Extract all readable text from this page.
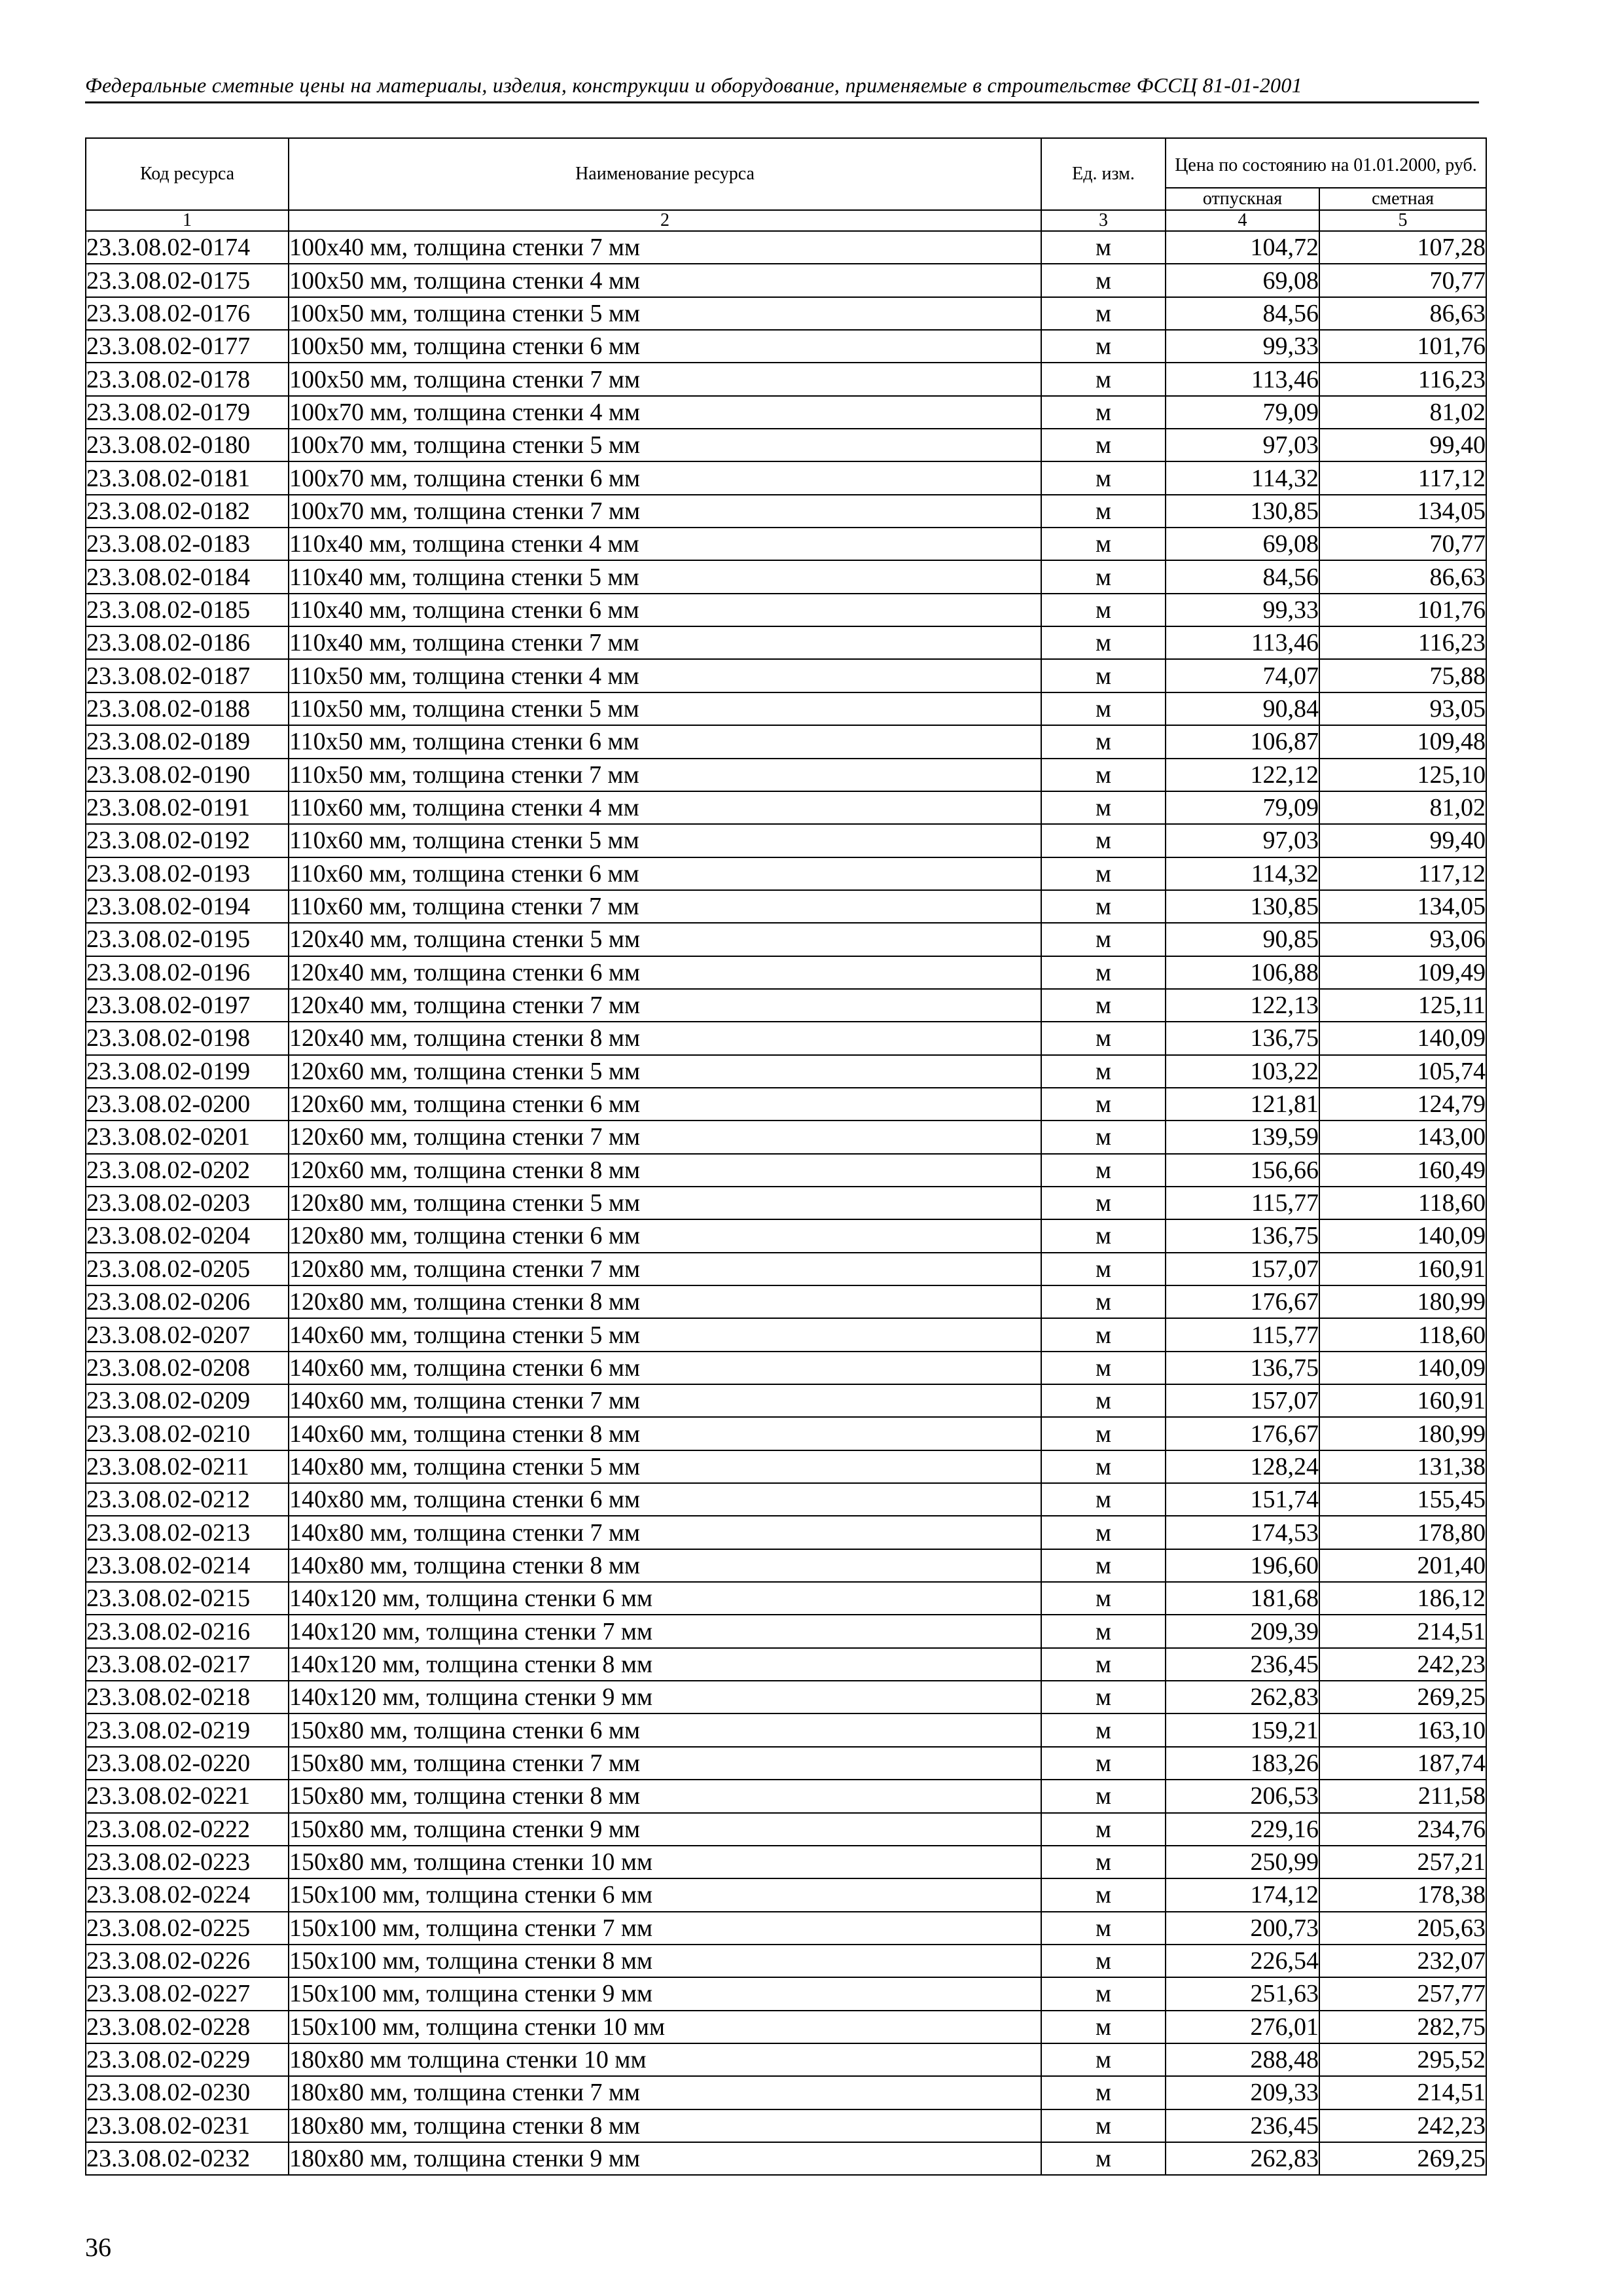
Федеральные сметные цены на материалы, изделия, конструкции и оборудование, применяемые в строительстве ФССЦ 81-01-2001
Код ресурса	Наименование ресурса	Ед. изм.	Цена по состоянию на 01.01.2000, руб.	
			отпускная	сметная
1	2	3	4	5
23.3.08.02-0174	100х40 мм, толщина стенки 7 мм	м	104,72	107,28
23.3.08.02-0175	100х50 мм, толщина стенки 4 мм	м	69,08	70,77
23.3.08.02-0176	100х50 мм, толщина стенки 5 мм	м	84,56	86,63
23.3.08.02-0177	100х50 мм, толщина стенки 6 мм	м	99,33	101,76
23.3.08.02-0178	100х50 мм, толщина стенки 7 мм	м	113,46	116,23
23.3.08.02-0179	100х70 мм, толщина стенки 4 мм	м	79,09	81,02
23.3.08.02-0180	100х70 мм, толщина стенки 5 мм	м	97,03	99,40
23.3.08.02-0181	100х70 мм, толщина стенки 6 мм	м	114,32	117,12
23.3.08.02-0182	100х70 мм, толщина стенки 7 мм	м	130,85	134,05
23.3.08.02-0183	110х40 мм, толщина стенки 4 мм	м	69,08	70,77
23.3.08.02-0184	110х40 мм, толщина стенки 5 мм	м	84,56	86,63
23.3.08.02-0185	110х40 мм, толщина стенки 6 мм	м	99,33	101,76
23.3.08.02-0186	110х40 мм, толщина стенки 7 мм	м	113,46	116,23
23.3.08.02-0187	110х50 мм, толщина стенки 4 мм	м	74,07	75,88
23.3.08.02-0188	110х50 мм, толщина стенки 5 мм	м	90,84	93,05
23.3.08.02-0189	110х50 мм, толщина стенки 6 мм	м	106,87	109,48
23.3.08.02-0190	110х50 мм, толщина стенки 7 мм	м	122,12	125,10
23.3.08.02-0191	110х60 мм, толщина стенки 4 мм	м	79,09	81,02
23.3.08.02-0192	110х60 мм, толщина стенки 5 мм	м	97,03	99,40
23.3.08.02-0193	110х60 мм, толщина стенки 6 мм	м	114,32	117,12
23.3.08.02-0194	110х60 мм, толщина стенки 7 мм	м	130,85	134,05
23.3.08.02-0195	120х40 мм, толщина стенки 5 мм	м	90,85	93,06
23.3.08.02-0196	120х40 мм, толщина стенки 6 мм	м	106,88	109,49
23.3.08.02-0197	120х40 мм, толщина стенки 7 мм	м	122,13	125,11
23.3.08.02-0198	120х40 мм, толщина стенки 8 мм	м	136,75	140,09
23.3.08.02-0199	120х60 мм, толщина стенки 5 мм	м	103,22	105,74
23.3.08.02-0200	120х60 мм, толщина стенки 6 мм	м	121,81	124,79
23.3.08.02-0201	120х60 мм, толщина стенки 7 мм	м	139,59	143,00
23.3.08.02-0202	120х60 мм, толщина стенки 8 мм	м	156,66	160,49
23.3.08.02-0203	120х80 мм, толщина стенки 5 мм	м	115,77	118,60
23.3.08.02-0204	120х80 мм, толщина стенки 6 мм	м	136,75	140,09
23.3.08.02-0205	120х80 мм, толщина стенки 7 мм	м	157,07	160,91
23.3.08.02-0206	120х80 мм, толщина стенки 8 мм	м	176,67	180,99
23.3.08.02-0207	140х60 мм, толщина стенки 5 мм	м	115,77	118,60
23.3.08.02-0208	140х60 мм, толщина стенки 6 мм	м	136,75	140,09
23.3.08.02-0209	140х60 мм, толщина стенки 7 мм	м	157,07	160,91
23.3.08.02-0210	140х60 мм, толщина стенки 8 мм	м	176,67	180,99
23.3.08.02-0211	140х80 мм, толщина стенки 5 мм	м	128,24	131,38
23.3.08.02-0212	140х80 мм, толщина стенки 6 мм	м	151,74	155,45
23.3.08.02-0213	140х80 мм, толщина стенки 7 мм	м	174,53	178,80
23.3.08.02-0214	140х80 мм, толщина стенки 8 мм	м	196,60	201,40
23.3.08.02-0215	140х120 мм, толщина стенки 6 мм	м	181,68	186,12
23.3.08.02-0216	140х120 мм, толщина стенки 7 мм	м	209,39	214,51
23.3.08.02-0217	140х120 мм, толщина стенки 8 мм	м	236,45	242,23
23.3.08.02-0218	140х120 мм, толщина стенки 9 мм	м	262,83	269,25
23.3.08.02-0219	150х80 мм, толщина стенки 6 мм	м	159,21	163,10
23.3.08.02-0220	150х80 мм, толщина стенки 7 мм	м	183,26	187,74
23.3.08.02-0221	150х80 мм, толщина стенки 8 мм	м	206,53	211,58
23.3.08.02-0222	150х80 мм, толщина стенки 9 мм	м	229,16	234,76
23.3.08.02-0223	150х80 мм, толщина стенки 10 мм	м	250,99	257,21
23.3.08.02-0224	150х100 мм, толщина стенки 6 мм	м	174,12	178,38
23.3.08.02-0225	150х100 мм, толщина стенки 7 мм	м	200,73	205,63
23.3.08.02-0226	150х100 мм, толщина стенки 8 мм	м	226,54	232,07
23.3.08.02-0227	150х100 мм, толщина стенки 9 мм	м	251,63	257,77
23.3.08.02-0228	150х100 мм, толщина стенки 10 мм	м	276,01	282,75
23.3.08.02-0229	180х80 мм толщина стенки 10 мм	м	288,48	295,52
23.3.08.02-0230	180х80 мм, толщина стенки 7 мм	м	209,33	214,51
23.3.08.02-0231	180х80 мм, толщина стенки 8 мм	м	236,45	242,23
23.3.08.02-0232	180х80 мм, толщина стенки 9 мм	м	262,83	269,25
36
